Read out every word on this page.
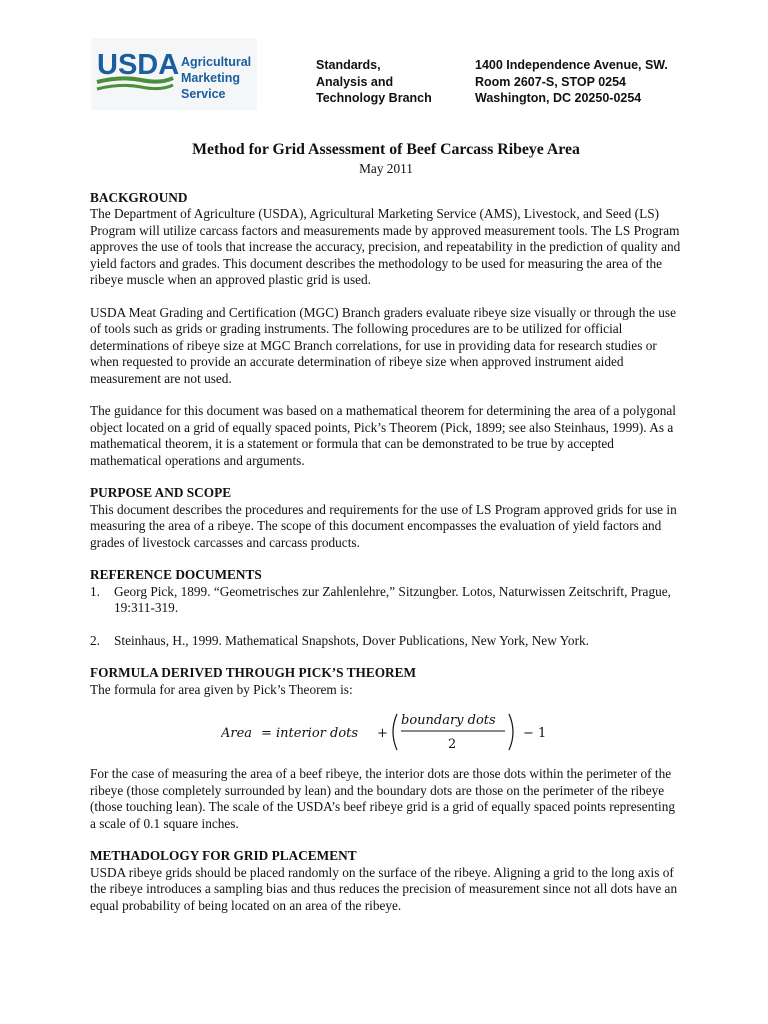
USDA Agricultural
Marketing
Service
Standards,
Analysis and
Technology Branch
1400 Independence Avenue, SW.
Room 2607-S, STOP 0254
Washington, DC 20250-0254
Method for Grid Assessment of Beef Carcass Ribeye Area
May 2011
BACKGROUND

The Department of Agriculture (USDA), Agricultural Marketing Service (AMS), Livestock, and Seed (LS) Program will utilize carcass factors and measurements made by approved measurement tools. The LS Program approves the use of tools that increase the accuracy, precision, and repeatability in the prediction of quality and yield factors and grades. This document describes the methodology to be used for measuring the area of the ribeye muscle when an approved plastic grid is used.

USDA Meat Grading and Certification (MGC) Branch graders evaluate ribeye size visually or through the use of tools such as grids or grading instruments. The following procedures are to be utilized for official determinations of ribeye size at MGC Branch correlations, for use in providing data for research studies or when requested to provide an accurate determination of ribeye size when approved instrument aided measurement are not used.

The guidance for this document was based on a mathematical theorem for determining the area of a polygonal object located on a grid of equally spaced points, Pick’s Theorem (Pick, 1899; see also Steinhaus, 1999). As a mathematical theorem, it is a statement or formula that can be demonstrated to be true by accepted mathematical operations and arguments.

PURPOSE AND SCOPE

This document describes the procedures and requirements for the use of LS Program approved grids for use in measuring the area of a ribeye. The scope of this document encompasses the evaluation of yield factors and grades of livestock carcasses and carcass products.

REFERENCE DOCUMENTS
1. Georg Pick, 1899. “Geometrisches zur Zahlenlehre,” Sitzungber. Lotos, Naturwissen Zeitschrift, Prague, 19:311-319.
2. Steinhaus, H., 1999. Mathematical Snapshots, Dover Publications, New York, New York.
FORMULA DERIVED THROUGH PICK’S THEOREM

The formula for area given by Pick’s Theorem is:

Area = interior dots +
boundary dots
2
− 1

For the case of measuring the area of a beef ribeye, the interior dots are those dots within the perimeter of the ribeye (those completely surrounded by lean) and the boundary dots are those on the perimeter of the ribeye (those touching lean). The scale of the USDA’s beef ribeye grid is a grid of equally spaced points representing a scale of 0.1 square inches.

METHADOLOGY FOR GRID PLACEMENT

USDA ribeye grids should be placed randomly on the surface of the ribeye. Aligning a grid to the long axis of the ribeye introduces a sampling bias and thus reduces the precision of measurement since not all dots have an equal probability of being located on an area of the ribeye.
